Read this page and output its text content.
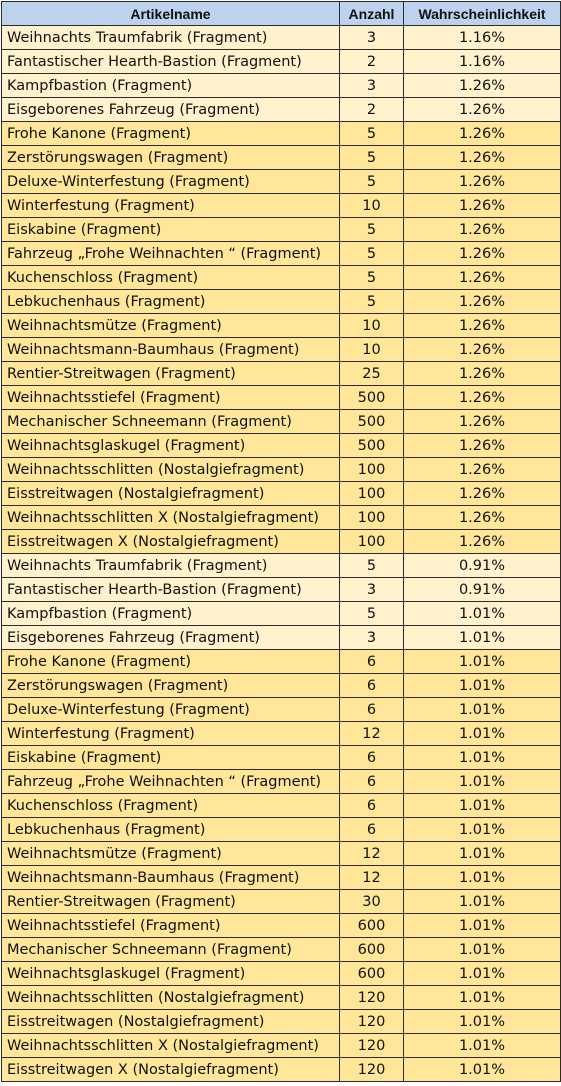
Artikelname	Anzahl	Wahrscheinlichkeit
Weihnachts Traumfabrik (Fragment)	3	1.16%
Fantastischer Hearth-Bastion (Fragment)	2	1.16%
Kampfbastion (Fragment)	3	1.26%
Eisgeborenes Fahrzeug (Fragment)	2	1.26%
Frohe Kanone (Fragment)	5	1.26%
Zerstörungswagen (Fragment)	5	1.26%
Deluxe-Winterfestung (Fragment)	5	1.26%
Winterfestung (Fragment)	10	1.26%
Eiskabine (Fragment)	5	1.26%
Fahrzeug „Frohe Weihnachten “ (Fragment)	5	1.26%
Kuchenschloss (Fragment)	5	1.26%
Lebkuchenhaus (Fragment)	5	1.26%
Weihnachtsmütze (Fragment)	10	1.26%
Weihnachtsmann-Baumhaus (Fragment)	10	1.26%
Rentier-Streitwagen (Fragment)	25	1.26%
Weihnachtsstiefel (Fragment)	500	1.26%
Mechanischer Schneemann (Fragment)	500	1.26%
Weihnachtsglaskugel (Fragment)	500	1.26%
Weihnachtsschlitten (Nostalgiefragment)	100	1.26%
Eisstreitwagen (Nostalgiefragment)	100	1.26%
Weihnachtsschlitten X (Nostalgiefragment)	100	1.26%
Eisstreitwagen X (Nostalgiefragment)	100	1.26%
Weihnachts Traumfabrik (Fragment)	5	0.91%
Fantastischer Hearth-Bastion (Fragment)	3	0.91%
Kampfbastion (Fragment)	5	1.01%
Eisgeborenes Fahrzeug (Fragment)	3	1.01%
Frohe Kanone (Fragment)	6	1.01%
Zerstörungswagen (Fragment)	6	1.01%
Deluxe-Winterfestung (Fragment)	6	1.01%
Winterfestung (Fragment)	12	1.01%
Eiskabine (Fragment)	6	1.01%
Fahrzeug „Frohe Weihnachten “ (Fragment)	6	1.01%
Kuchenschloss (Fragment)	6	1.01%
Lebkuchenhaus (Fragment)	6	1.01%
Weihnachtsmütze (Fragment)	12	1.01%
Weihnachtsmann-Baumhaus (Fragment)	12	1.01%
Rentier-Streitwagen (Fragment)	30	1.01%
Weihnachtsstiefel (Fragment)	600	1.01%
Mechanischer Schneemann (Fragment)	600	1.01%
Weihnachtsglaskugel (Fragment)	600	1.01%
Weihnachtsschlitten (Nostalgiefragment)	120	1.01%
Eisstreitwagen (Nostalgiefragment)	120	1.01%
Weihnachtsschlitten X (Nostalgiefragment)	120	1.01%
Eisstreitwagen X (Nostalgiefragment)	120	1.01%
